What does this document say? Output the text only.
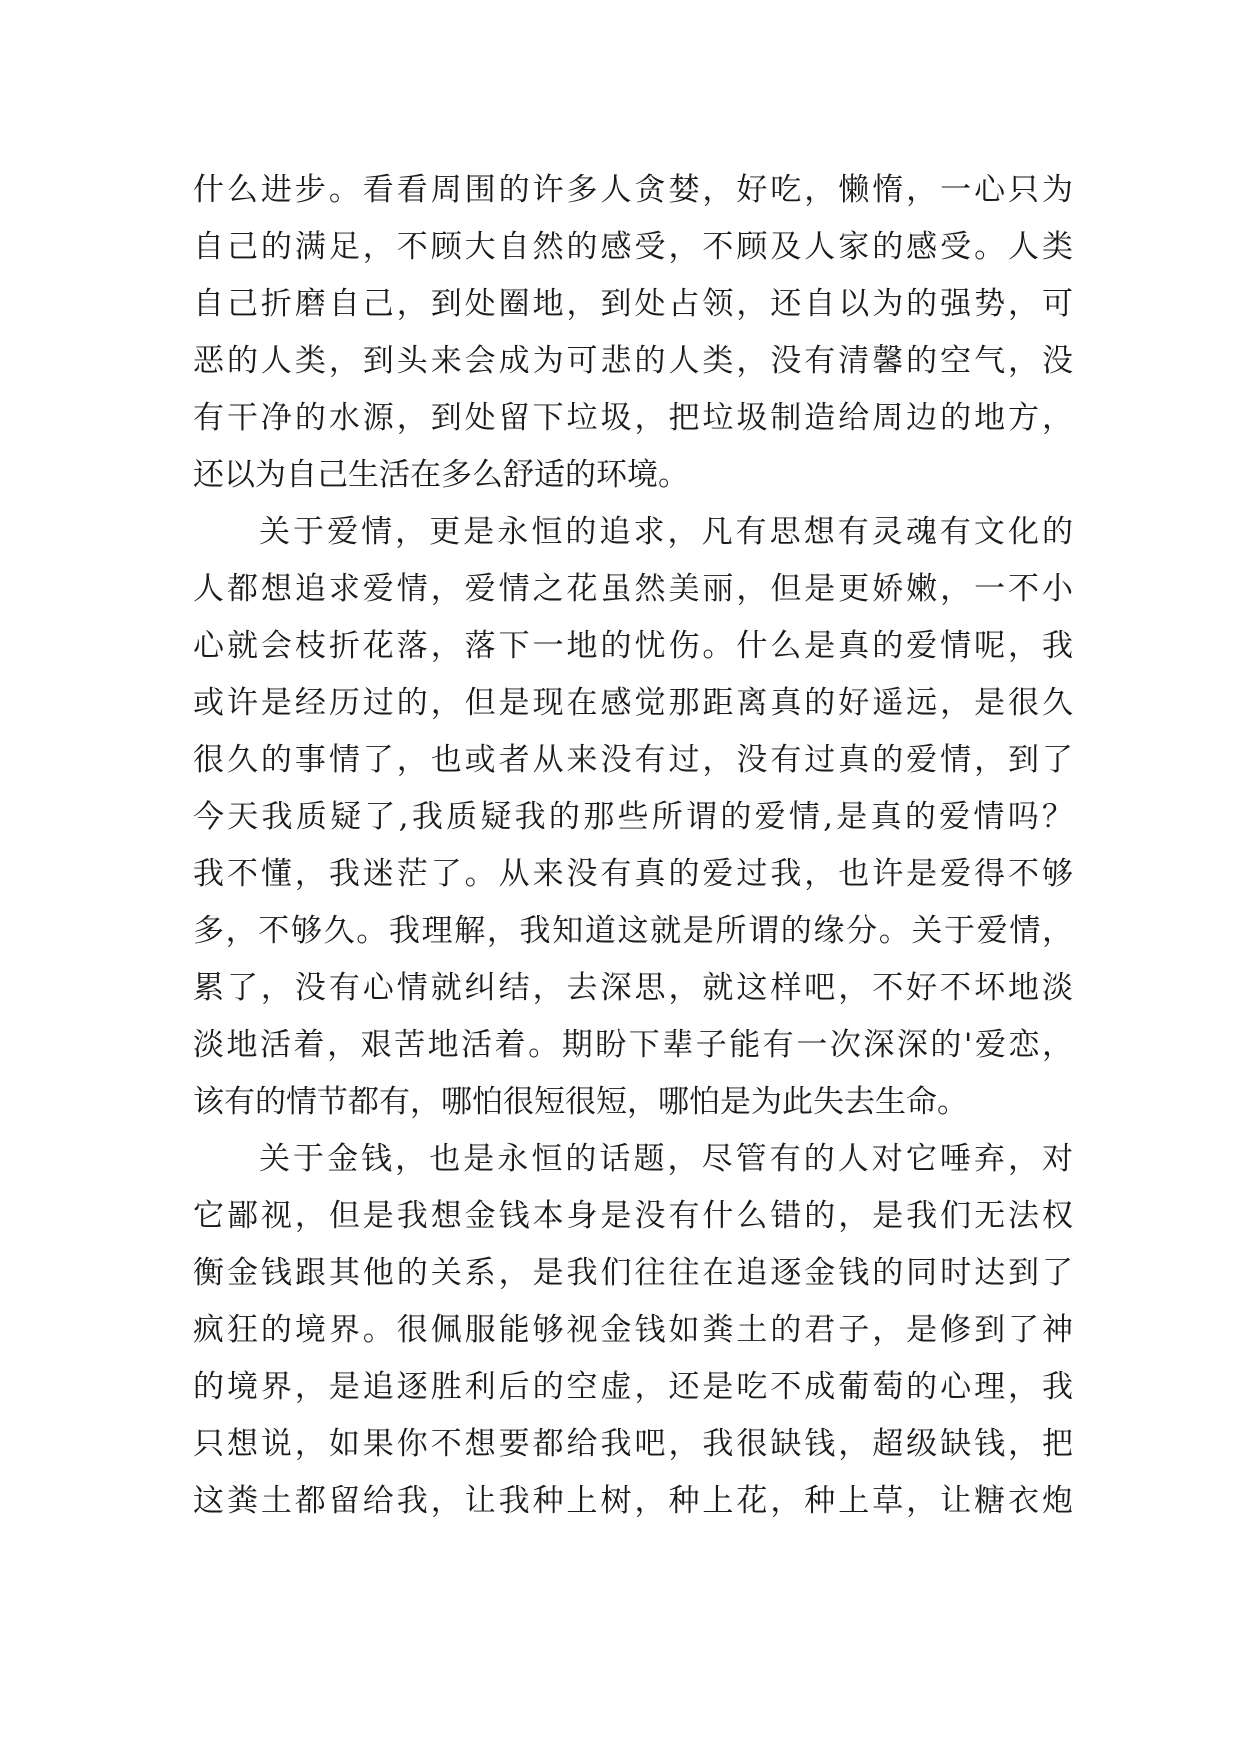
什么进步。看看周围的许多人贪婪，好吃，懒惰，一心只为
自己的满足，不顾大自然的感受，不顾及人家的感受。人类
自己折磨自己，到处圈地，到处占领，还自以为的强势，可
恶的人类，到头来会成为可悲的人类，没有清馨的空气，没
有干净的水源，到处留下垃圾，把垃圾制造给周边的地方，
还以为自己生活在多么舒适的环境。
关于爱情，更是永恒的追求，凡有思想有灵魂有文化的
人都想追求爱情，爱情之花虽然美丽，但是更娇嫩，一不小
心就会枝折花落，落下一地的忧伤。什么是真的爱情呢，我
或许是经历过的，但是现在感觉那距离真的好遥远，是很久
很久的事情了，也或者从来没有过，没有过真的爱情，到了
今天我质疑了,我质疑我的那些所谓的爱情,是真的爱情吗？
我不懂，我迷茫了。从来没有真的爱过我，也许是爱得不够
多，不够久。我理解，我知道这就是所谓的缘分。关于爱情，
累了，没有心情就纠结，去深思，就这样吧，不好不坏地淡
淡地活着，艰苦地活着。期盼下辈子能有一次深深的'爱恋，
该有的情节都有，哪怕很短很短，哪怕是为此失去生命。
关于金钱，也是永恒的话题，尽管有的人对它唾弃，对
它鄙视，但是我想金钱本身是没有什么错的，是我们无法权
衡金钱跟其他的关系，是我们往往在追逐金钱的同时达到了
疯狂的境界。很佩服能够视金钱如粪土的君子，是修到了神
的境界，是追逐胜利后的空虚，还是吃不成葡萄的心理，我
只想说，如果你不想要都给我吧，我很缺钱，超级缺钱，把
这粪土都留给我，让我种上树，种上花，种上草，让糖衣炮
